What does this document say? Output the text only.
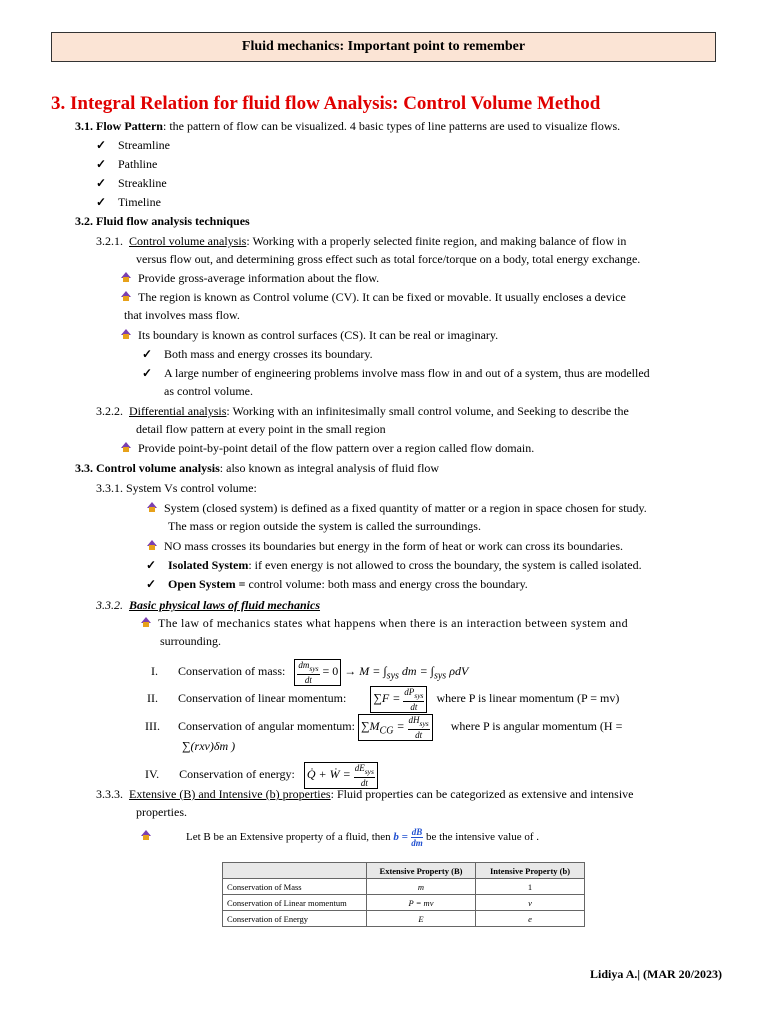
Fluid mechanics: Important point to remember
3. Integral Relation for fluid flow Analysis: Control Volume Method
3.1. Flow Pattern: the pattern of flow can be visualized. 4 basic types of line patterns are used to visualize flows.
✓ Streamline
✓ Pathline
✓ Streakline
✓ Timeline
3.2. Fluid flow analysis techniques
3.2.1. Control volume analysis: Working with a properly selected finite region, and making balance of flow in
versus flow out, and determining gross effect such as total force/torque on a body, total energy exchange.
Provide gross-average information about the flow.
The region is known as Control volume (CV). It can be fixed or movable. It usually encloses a device
that involves mass flow.
Its boundary is known as control surfaces (CS). It can be real or imaginary.
✓ Both mass and energy crosses its boundary.
✓ A large number of engineering problems involve mass flow in and out of a system, thus are modelled
as control volume.
3.2.2. Differential analysis: Working with an infinitesimally small control volume, and Seeking to describe the
detail flow pattern at every point in the small region
Provide point-by-point detail of the flow pattern over a region called flow domain.
3.3. Control volume analysis: also known as integral analysis of fluid flow
3.3.1. System Vs control volume:
System (closed system) is defined as a fixed quantity of matter or a region in space chosen for study.
The mass or region outside the system is called the surroundings.
NO mass crosses its boundaries but energy in the form of heat or work can cross its boundaries.
✓ Isolated System: if even energy is not allowed to cross the boundary, the system is called isolated.
✓ Open System = control volume: both mass and energy cross the boundary.
3.3.2. Basic physical laws of fluid mechanics
The law of mechanics states what happens when there is an interaction between system and
surrounding.
I. Conservation of mass: $\frac{dm_{sys}}{dt} = 0 \to M = \int_{sys}$ dm = $\int_{sys}$ ρdV
II. Conservation of linear momentum: $\sum F = \frac{dP_{sys}}{dt}$ where P is linear momentum (P = mv)
III. Conservation of angular momentum: $\sum M_{CG} = \frac{dH_{sys}}{dt}$ where P is angular momentum (H =
∑(rxv)δm )
IV. Conservation of energy: Q̇ + Ẇ = $\frac{dE_{sys}}{dt}$
3.3.3. Extensive (B) and Intensive (b) properties: Fluid properties can be categorized as extensive and intensive
properties.
Let B be an Extensive property of a fluid, then $b = \frac{dB}{dm}$ be the intensive value of .
	Extensive Property (B)	Intensive Property (b)
Conservation of Mass	m	1
Conservation of Linear momentum	P = mv	v
Conservation of Energy	E	e
Lidiya A.| (MAR 20/2023)
